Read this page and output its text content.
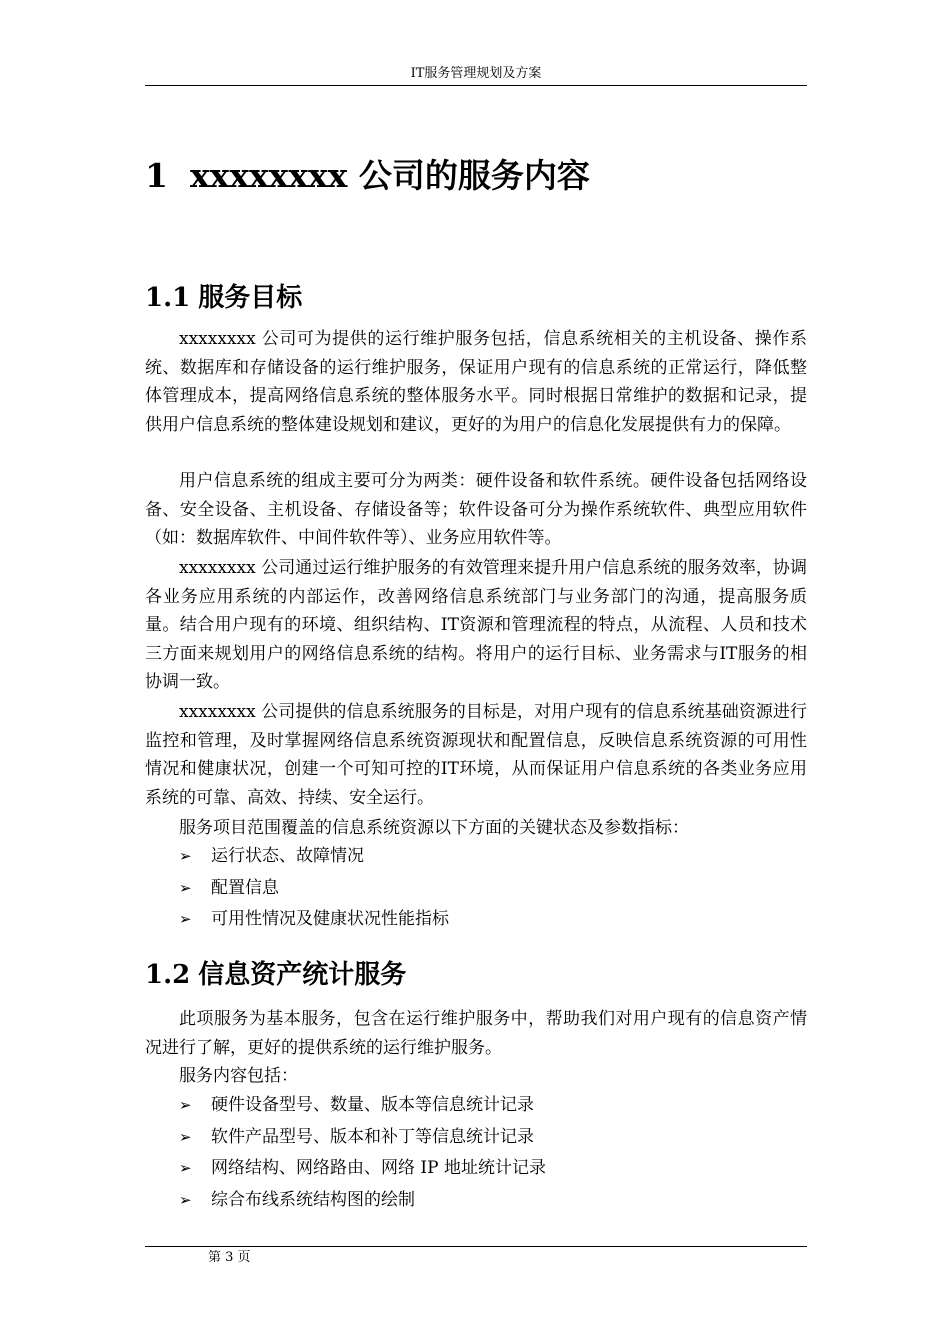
IT服务管理规划及方案
1 xxxxxxxx 公司的服务内容
1.1 服务目标

xxxxxxxx 公司可为提供的运行维护服务包括，信息系统相关的主机设备、操作系统、数据库和存储设备的运行维护服务，保证用户现有的信息系统的正常运行，降低整体管理成本，提高网络信息系统的整体服务水平。同时根据日常维护的数据和记录，提供用户信息系统的整体建设规划和建议，更好的为用户的信息化发展提供有力的保障。

用户信息系统的组成主要可分为两类：硬件设备和软件系统。硬件设备包括网络设备、安全设备、主机设备、存储设备等；软件设备可分为操作系统软件、典型应用软件（如：数据库软件、中间件软件等）、业务应用软件等。

xxxxxxxx 公司通过运行维护服务的有效管理来提升用户信息系统的服务效率，协调各业务应用系统的内部运作，改善网络信息系统部门与业务部门的沟通，提高服务质量。结合用户现有的环境、组织结构、IT资源和管理流程的特点，从流程、人员和技术三方面来规划用户的网络信息系统的结构。将用户的运行目标、业务需求与IT服务的相协调一致。

xxxxxxxx 公司提供的信息系统服务的目标是，对用户现有的信息系统基础资源进行监控和管理，及时掌握网络信息系统资源现状和配置信息，反映信息系统资源的可用性情况和健康状况，创建一个可知可控的IT环境，从而保证用户信息系统的各类业务应用系统的可靠、高效、持续、安全运行。

服务项目范围覆盖的信息系统资源以下方面的关键状态及参数指标：

➢ 运行状态、故障情况
➢ 配置信息
➢ 可用性情况及健康状况性能指标
1.2 信息资产统计服务

此项服务为基本服务，包含在运行维护服务中，帮助我们对用户现有的信息资产情况进行了解，更好的提供系统的运行维护服务。

服务内容包括：

➢ 硬件设备型号、数量、版本等信息统计记录
➢ 软件产品型号、版本和补丁等信息统计记录
➢ 网络结构、网络路由、网络 IP 地址统计记录
➢ 综合布线系统结构图的绘制
第 3 页
